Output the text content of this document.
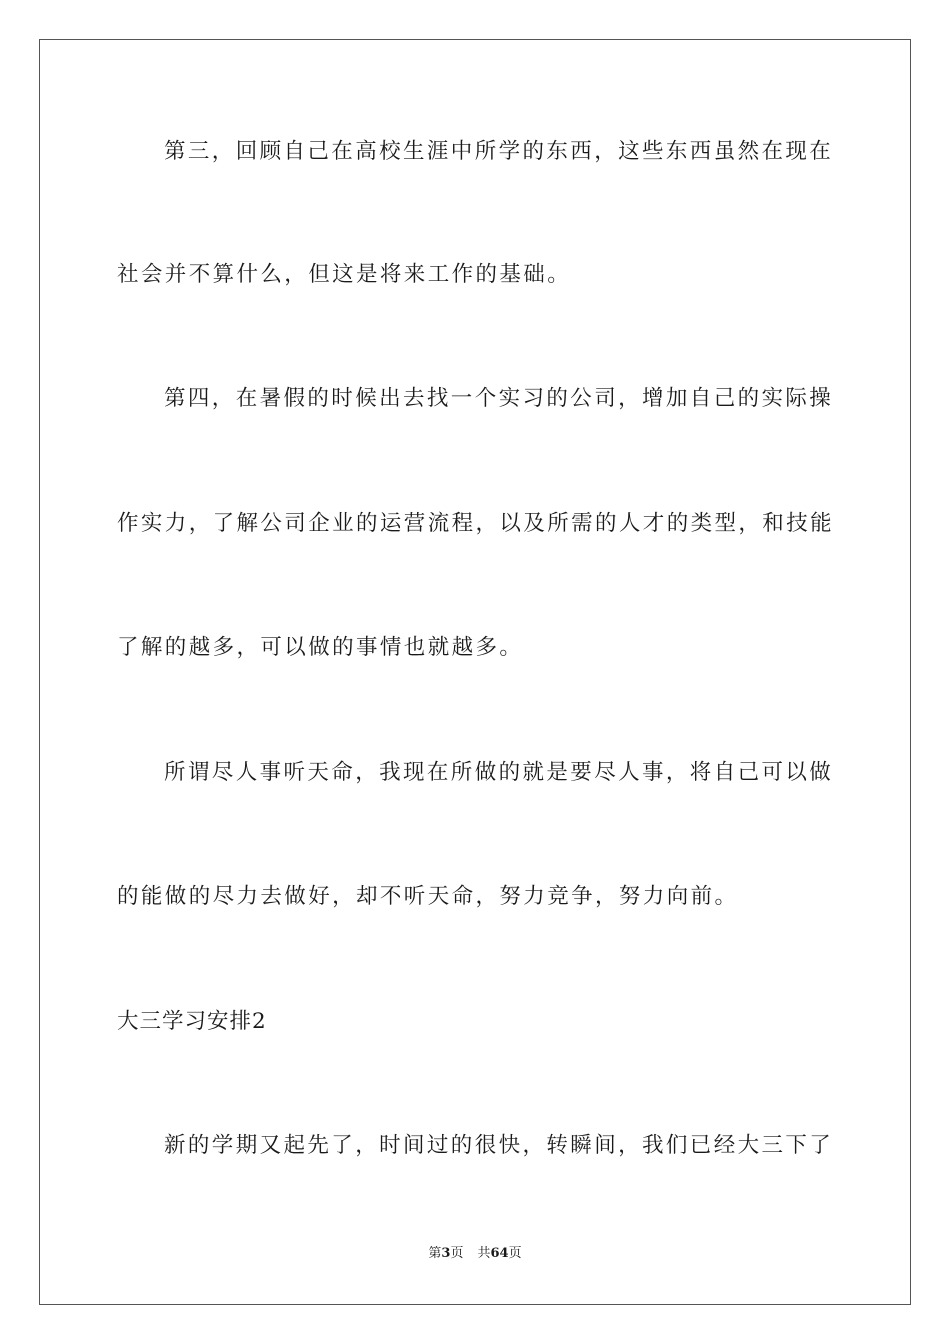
第三，回顾自己在高校生涯中所学的东西，这些东西虽然在现在
社会并不算什么，但这是将来工作的基础。
第四，在暑假的时候出去找一个实习的公司，增加自己的实际操
作实力，了解公司企业的运营流程，以及所需的人才的类型，和技能
了解的越多，可以做的事情也就越多。
所谓尽人事听天命，我现在所做的就是要尽人事，将自己可以做
的能做的尽力去做好，却不听天命，努力竞争，努力向前。
大三学习安排2
新的学期又起先了，时间过的很快，转瞬间，我们已经大三下了
第3页 共64页
